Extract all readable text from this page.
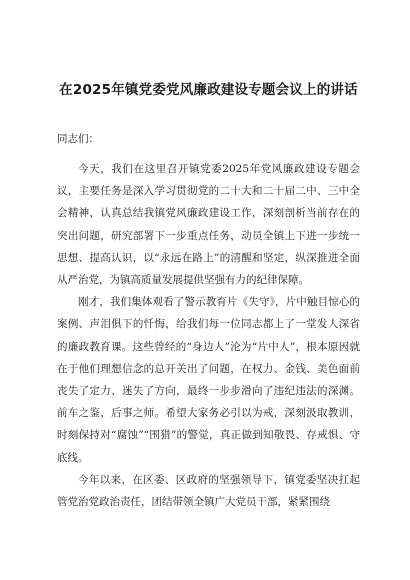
在2025年镇党委党风廉政建设专题会议上的讲话
同志们：

今天，我们在这里召开镇党委2025年党风廉政建设专题会议，主要任务是深入学习贯彻党的二十大和二十届二中、三中全会精神，认真总结我镇党风廉政建设工作，深刻剖析当前存在的突出问题，研究部署下一步重点任务，动员全镇上下进一步统一思想、提高认识，以“永远在路上”的清醒和坚定，纵深推进全面从严治党，为镇高质量发展提供坚强有力的纪律保障。

刚才，我们集体观看了警示教育片《失守》，片中触目惊心的案例、声泪俱下的忏悔，给我们每一位同志都上了一堂发人深省的廉政教育课。这些曾经的“身边人”沦为“片中人”，根本原因就在于他们理想信念的总开关出了问题，在权力、金钱、美色面前丧失了定力、迷失了方向，最终一步步滑向了违纪违法的深渊。前车之鉴，后事之师。希望大家务必引以为戒，深刻汲取教训，时刻保持对“腐蚀”“围猎”的警觉，真正做到知敬畏、存戒惧、守底线。

今年以来，在区委、区政府的坚强领导下，镇党委坚决扛起管党治党政治责任，团结带领全镇广大党员干部，紧紧围绕
